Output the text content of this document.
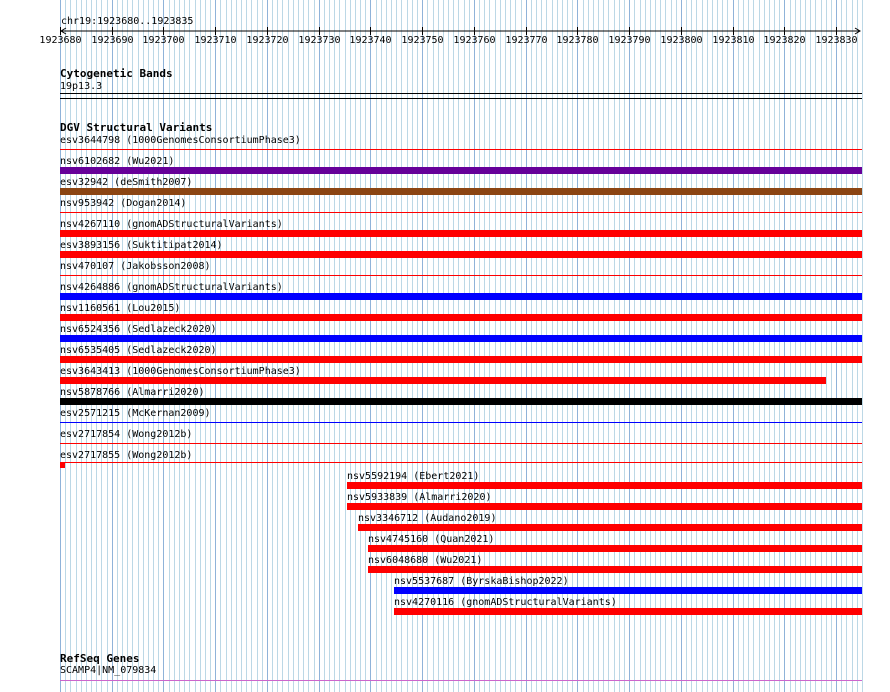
chr19:1923680..1923835
1923680 1923690 1923700 1923710 1923720 1923730 1923740 1923750 1923760 1923770 1923780 1923790 1923800 1923810 1923820 1923830
Cytogenetic Bands
19p13.3
DGV Structural Variants
esv3644798 (1000GenomesConsortiumPhase3)
nsv6102682 (Wu2021)
esv32942 (deSmith2007)
nsv953942 (Dogan2014)
nsv4267110 (gnomADStructuralVariants)
esv3893156 (Suktitipat2014)
nsv470107 (Jakobsson2008)
nsv4264886 (gnomADStructuralVariants)
nsv1160561 (Lou2015)
nsv6524356 (Sedlazeck2020)
nsv6535405 (Sedlazeck2020)
esv3643413 (1000GenomesConsortiumPhase3)
nsv5878766 (Almarri2020)
esv2571215 (McKernan2009)
esv2717854 (Wong2012b)
esv2717855 (Wong2012b)
nsv5592194 (Ebert2021)
nsv5933839 (Almarri2020)
nsv3346712 (Audano2019)
nsv4745160 (Quan2021)
nsv6048680 (Wu2021)
nsv5537687 (ByrskaBishop2022)
nsv4270116 (gnomADStructuralVariants)
RefSeq Genes
SCAMP4|NM_079834
